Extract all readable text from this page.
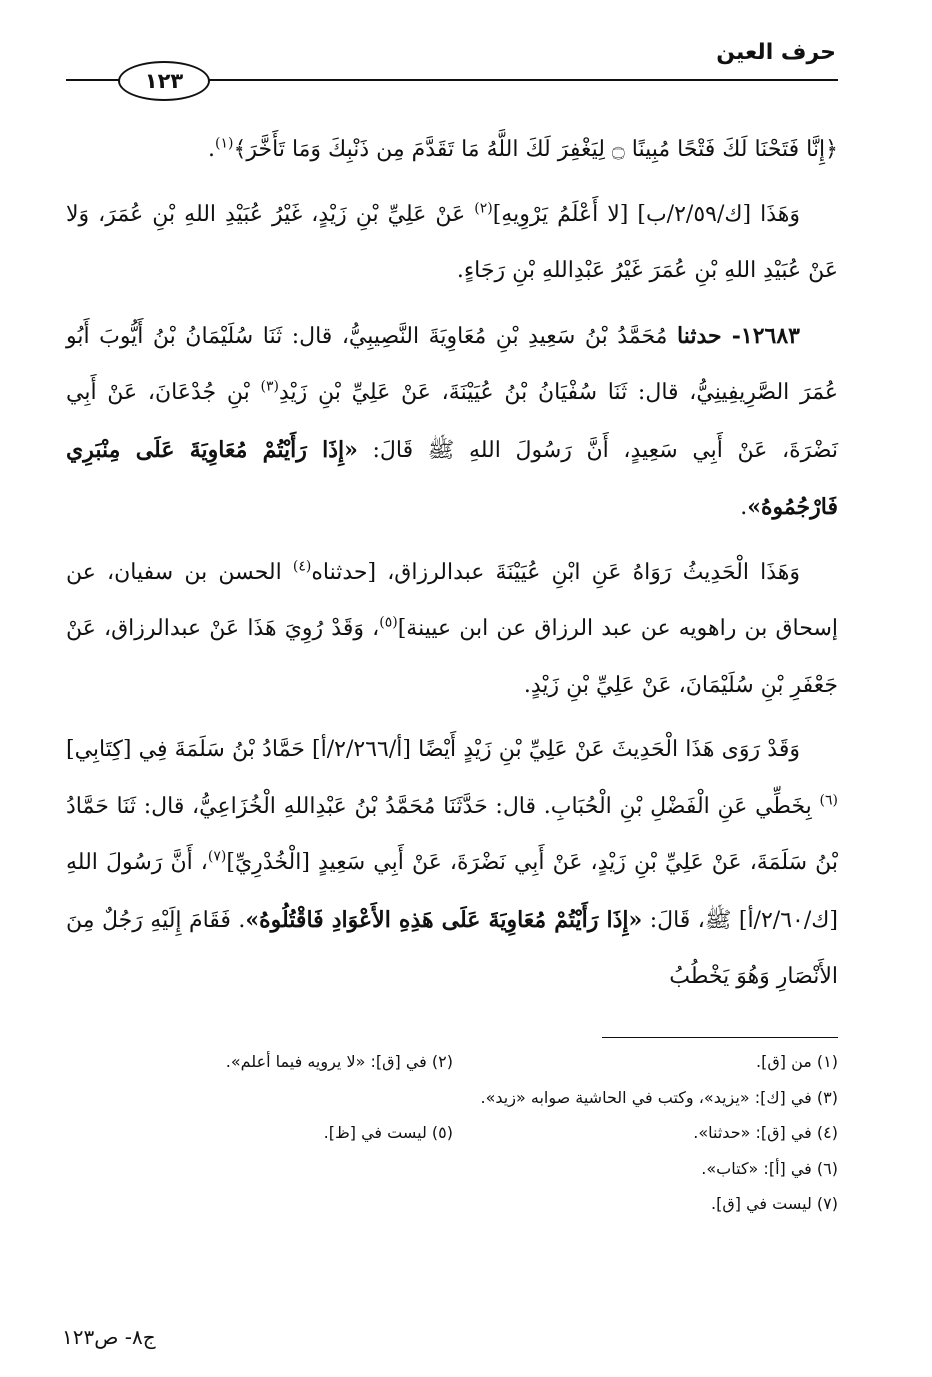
حرف العين
١٢٣

﴿إِنَّا فَتَحْنَا لَكَ فَتْحًا مُبِينًا ۝ لِيَغْفِرَ لَكَ اللَّهُ مَا تَقَدَّمَ مِن ذَنْبِكَ وَمَا تَأَخَّرَ﴾$^{(١)}$.

وَهَذَا [ك/٢/٥٩/ب] [لا أَعْلَمُ يَرْوِيهِ]$^{(٢)}$ عَنْ عَلِيِّ بْنِ زَيْدٍ، غَيْرُ عُبَيْدِ اللهِ بْنِ عُمَرَ، وَلا عَنْ عُبَيْدِ اللهِ بْنِ عُمَرَ غَيْرُ عَبْدِاللهِ بْنِ رَجَاءٍ.

١٢٦٨٣- حدثنا مُحَمَّدُ بْنُ سَعِيدِ بْنِ مُعَاوِيَةَ النَّصِيبِيُّ، قال: ثَنَا سُلَيْمَانُ بْنُ أَيُّوبَ أَبُو عُمَرَ الصَّرِيفِينِيُّ، قال: ثَنَا سُفْيَانُ بْنُ عُيَيْنَةَ، عَنْ عَلِيِّ بْنِ زَيْدِ$^{(٣)}$ بْنِ جُدْعَانَ، عَنْ أَبِي نَضْرَةَ، عَنْ أَبِي سَعِيدٍ، أَنَّ رَسُولَ اللهِ ﷺ قَالَ: «إِذَا رَأَيْتُمْ مُعَاوِيَةَ عَلَى مِنْبَرِي فَارْجُمُوهُ».

وَهَذَا الْحَدِيثُ رَوَاهُ عَنِ ابْنِ عُيَيْنَةَ عبدالرزاق، [حدثناه$^{(٤)}$ الحسن بن سفيان، عن إسحاق بن راهويه عن عبد الرزاق عن ابن عيينة]$^{(٥)}$، وَقَدْ رُوِيَ هَذَا عَنْ عبدالرزاق، عَنْ جَعْفَرِ بْنِ سُلَيْمَانَ، عَنْ عَلِيِّ بْنِ زَيْدٍ.

وَقَدْ رَوَى هَذَا الْحَدِيثَ عَنْ عَلِيِّ بْنِ زَيْدٍ أَيْضًا [أ/٢/٢٦٦/أ] حَمَّادُ بْنُ سَلَمَةَ فِي [كِتَابِي]$^{(٦)}$ بِخَطِّي عَنِ الْفَضْلِ بْنِ الْحُبَابِ. قال: حَدَّثَنَا مُحَمَّدُ بْنُ عَبْدِاللهِ الْخُزَاعِيُّ، قال: ثَنَا حَمَّادُ بْنُ سَلَمَةَ، عَنْ عَلِيِّ بْنِ زَيْدٍ، عَنْ أَبِي نَضْرَةَ، عَنْ أَبِي سَعِيدٍ [الْخُدْرِيِّ]$^{(٧)}$، أَنَّ رَسُولَ اللهِ [ك/٢/٦٠/أ] ﷺ، قَالَ: «إِذَا رَأَيْتُمْ مُعَاوِيَةَ عَلَى هَذِهِ الأَعْوَادِ فَاقْتُلُوهُ». فَقَامَ إِلَيْهِ رَجُلٌ مِنَ الأَنْصَارِ وَهُوَ يَخْطُبُ

(١) من [ق].
(٢) في [ق]: «لا يرويه فيما أعلم».
(٣) في [ك]: «يزيد»، وكتب في الحاشية صوابه «زيد».
(٤) في [ق]: «حدثنا».
(٥) ليست في [ظ].
(٦) في [أ]: «كتاب».
(٧) ليست في [ق].
ج٨- ص١٢٣
